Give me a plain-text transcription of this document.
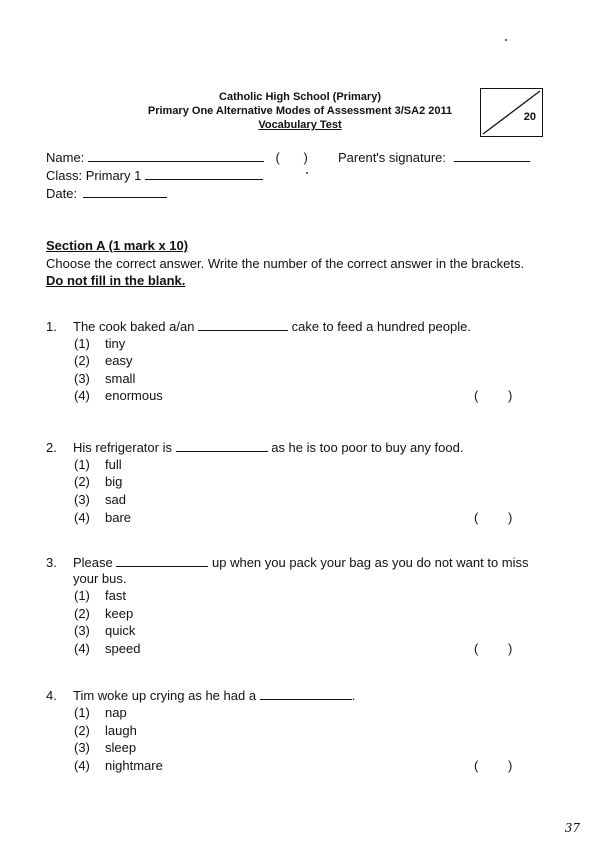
Catholic High School (Primary)
Primary One Alternative Modes of Assessment 3/SA2 2011
Vocabulary Test
20
Name:	( ) Parent's signature:
Class: Primary 1
Date:
Section A (1 mark x 10)
Choose the correct answer. Write the number of the correct answer in the brackets.
Do not fill in the blank.
1. The cook baked a/an	cake to feed a hundred people.
(1) tiny
(2) easy
(3) small
(4) enormous	( )
2. His refrigerator is	as he is too poor to buy any food.
(1) full
(2) big
(3) sad
(4) bare	( )
3. Please	up when you pack your bag as you do not want to miss
your bus.
(1) fast
(2) keep
(3) quick
(4) speed	( )
4. Tim woke up crying as he had a	.
(1) nap
(2) laugh
(3) sleep
(4) nightmare	( )
37
